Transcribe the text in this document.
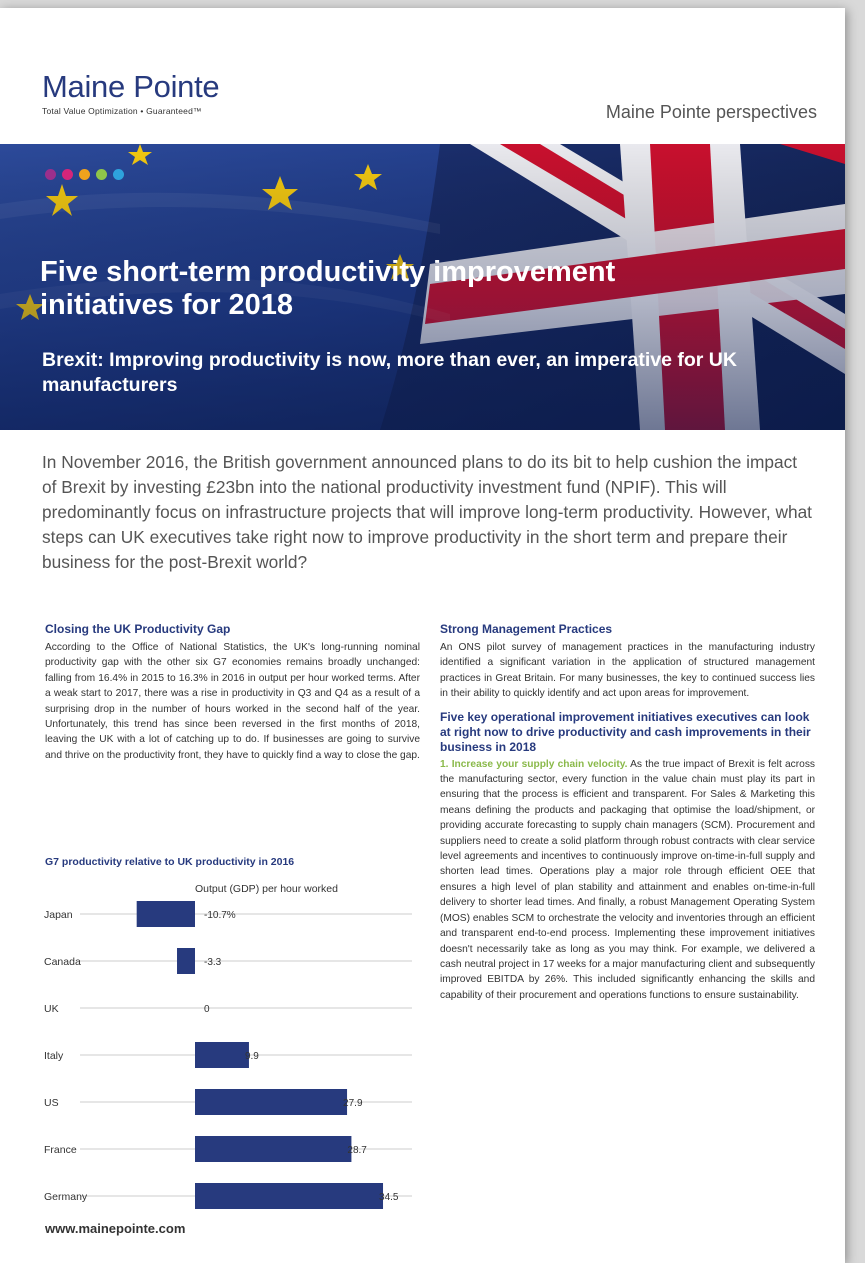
Maine Pointe
Total Value Optimization • Guaranteed™	Maine Pointe perspectives
Five short-term productivity improvement initiatives for 2018
Brexit: Improving productivity is now, more than ever, an imperative for UK manufacturers

In November 2016, the British government announced plans to do its bit to help cushion the impact of Brexit by investing £23bn into the national productivity investment fund (NPIF). This will predominantly focus on infrastructure projects that will improve long-term productivity. However, what steps can UK executives take right now to improve productivity in the short term and prepare their business for the post-Brexit world?

Closing the UK Productivity Gap

According to the Office of National Statistics, the UK's long-running nominal productivity gap with the other six G7 economies remains broadly unchanged: falling from 16.4% in 2015 to 16.3% in 2016 in output per hour worked terms. After a weak start to 2017, there was a rise in productivity in Q3 and Q4 as a result of a surprising drop in the number of hours worked in the second half of the year. Unfortunately, this trend has since been reversed in the first months of 2018, leaving the UK with a lot of catching up to do. If businesses are going to survive and thrive on the productivity front, they have to quickly find a way to close the gap.

G7 productivity relative to UK productivity in 2016
Output (GDP) per hour worked
Japan	-10.7%
Canada	-3.3
UK	0
Italy	9.9
US	27.9
France	28.7
Germany	34.5
Strong Management Practices

An ONS pilot survey of management practices in the manufacturing industry identified a significant variation in the application of structured management practices in Great Britain. For many businesses, the key to continued success lies in their ability to quickly identify and act upon areas for improvement.

Five key operational improvement initiatives executives can look at right now to drive productivity and cash improvements in their business in 2018

1. Increase your supply chain velocity. As the true impact of Brexit is felt across the manufacturing sector, every function in the value chain must play its part in ensuring that the process is efficient and transparent. For Sales & Marketing this means defining the products and packaging that optimise the load/shipment, or providing accurate forecasting to supply chain managers (SCM). Procurement and suppliers need to create a solid platform through robust contracts with clear service level agreements and incentives to continuously improve on-time-in-full supply and shorten lead times. Operations play a major role through efficient OEE that ensures a high level of plan stability and attainment and enables on-time-in-full delivery to shorter lead times. And finally, a robust Management Operating System (MOS) enables SCM to orchestrate the velocity and inventories through an efficient and transparent end-to-end process. Implementing these improvement initiatives doesn't necessarily take as long as you may think. For example, we delivered a cash neutral project in 17 weeks for a major manufacturing client and subsequently improved EBITDA by 26%. This included significantly enhancing the skills and capability of their procurement and operations functions to ensure sustainability.

www.mainepointe.com
